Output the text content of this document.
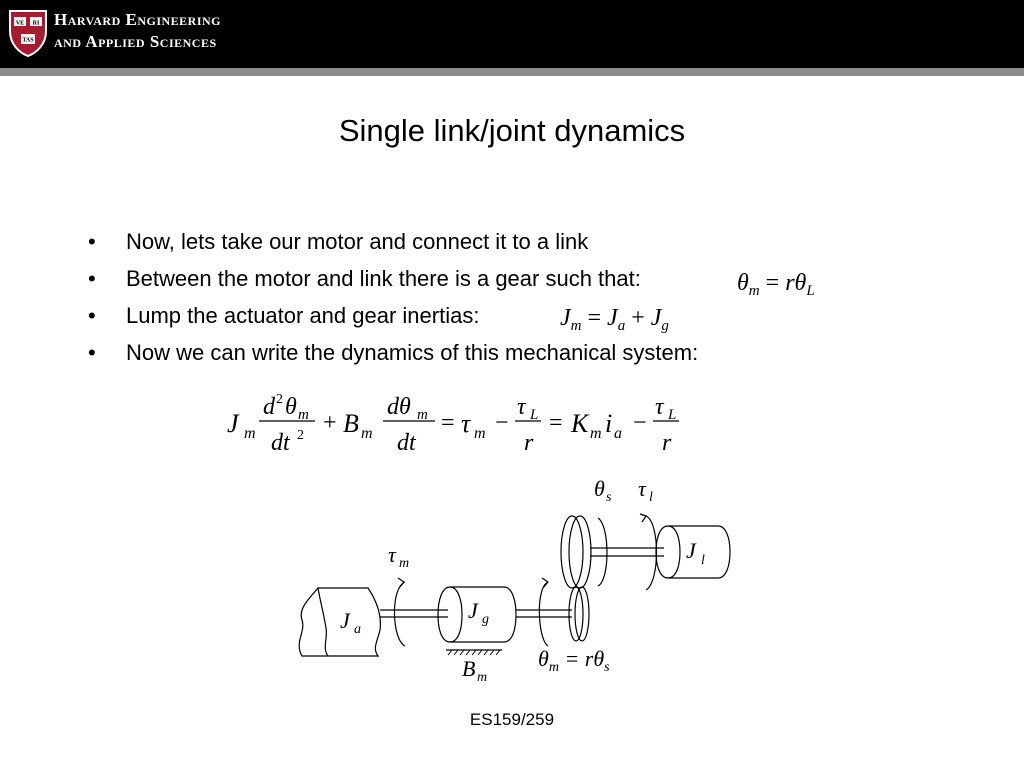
VE RI
TAS
Harvard Engineering
and Applied Sciences
Single link/joint dynamics
• Now, lets take our motor and connect it to a link
• Between the motor and link there is a gear such that:
• Lump the actuator and gear inertias:
• Now we can write the dynamics of this mechanical system:
$\theta_m = r\theta_L$
$J_m = J_a + J_g$
J m
d 2 θ m
dt 2 + B m
dθ m
dt
= τ m −
τ L
r
= K m i a −
τ L
r
J a
J g
J l
B m
τ m
θ s τ l
$\theta_m = r\theta_s$
ES159/259
